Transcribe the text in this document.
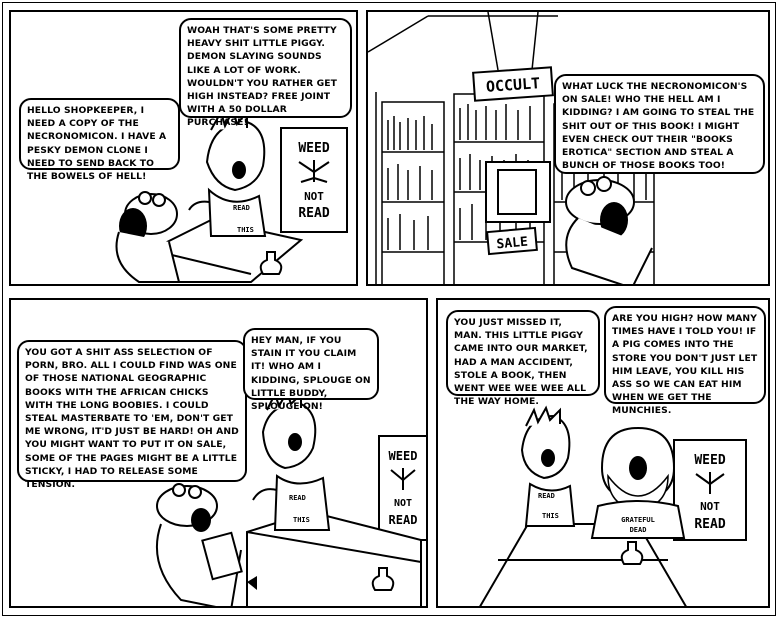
WEED
NOT
READ
READ
THIS
HELLO SHOPKEEPER, I NEED A COPY OF THE NECRONOMICON. I HAVE A PESKY DEMON CLONE I NEED TO SEND BACK TO THE BOWELS OF HELL!
WOAH THAT'S SOME PRETTY HEAVY SHIT LITTLE PIGGY. DEMON SLAYING SOUNDS LIKE A LOT OF WORK. WOULDN'T YOU RATHER GET HIGH INSTEAD? FREE JOINT WITH A 50 DOLLAR PURCHASE!
OCCULT
SALE
WHAT LUCK THE NECRONOMICON'S ON SALE! WHO THE HELL AM I KIDDING? I AM GOING TO STEAL THE SHIT OUT OF THIS BOOK! I MIGHT EVEN CHECK OUT THEIR "BOOKS EROTICA" SECTION AND STEAL A BUNCH OF THOSE BOOKS TOO!
WEED
NOT
READ
READ
THIS
YOU GOT A SHIT ASS SELECTION OF PORN, BRO. ALL I COULD FIND WAS ONE OF THOSE NATIONAL GEOGRAPHIC BOOKS WITH THE AFRICAN CHICKS WITH THE LONG BOOBIES. I COULD STEAL MASTERBATE TO 'EM, DON'T GET ME WRONG, IT'D JUST BE HARD! OH AND YOU MIGHT WANT TO PUT IT ON SALE, SOME OF THE PAGES MIGHT BE A LITTLE STICKY, I HAD TO RELEASE SOME TENSION.
HEY MAN, IF YOU STAIN IT YOU CLAIM IT! WHO AM I KIDDING, SPLOUGE ON LITTLE BUDDY, SPLOUGE ON!
WEED
NOT
READ
READ
THIS	GRATEFUL
DEAD
YOU JUST MISSED IT, MAN. THIS LITTLE PIGGY CAME INTO OUR MARKET, HAD A MAN ACCIDENT, STOLE A BOOK, THEN WENT WEE WEE WEE ALL THE WAY HOME.
ARE YOU HIGH? HOW MANY TIMES HAVE I TOLD YOU! IF A PIG COMES INTO THE STORE YOU DON'T JUST LET HIM LEAVE, YOU KILL HIS ASS SO WE CAN EAT HIM WHEN WE GET THE MUNCHIES.
